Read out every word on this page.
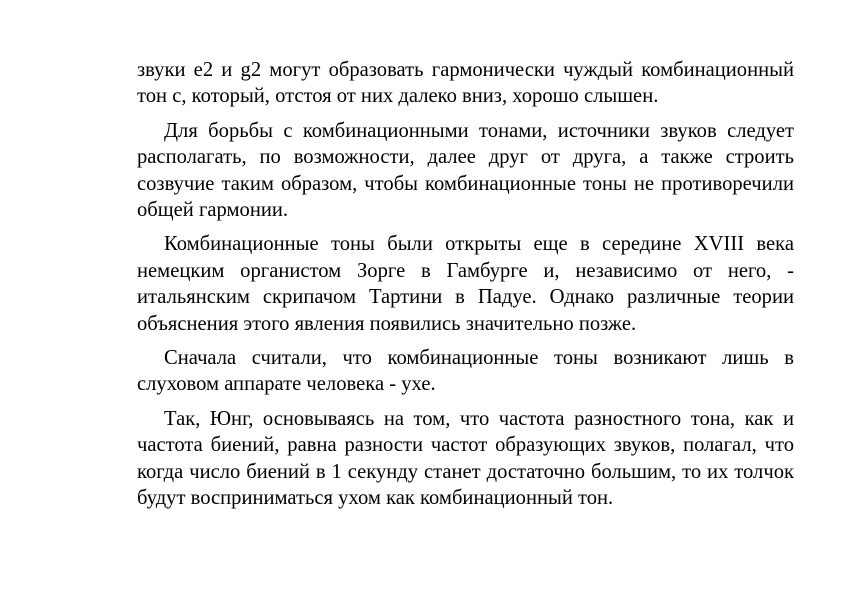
звуки e2 и g2 могут образовать гармонически чуждый комбинационный тон с, который, отстоя от них далеко вниз, хорошо слышен.

Для борьбы с комбинационными тонами, источники звуков следует располагать, по возможности, далее друг от друга, а также строить созвучие таким образом, чтобы комбинационные тоны не противоречили общей гармонии.

Комбинационные тоны были открыты еще в середине XVIII века немецким органистом Зорге в Гамбурге и, независимо от него, - итальянским скрипачом Тартини в Падуе. Однако различные теории объяснения этого явления появились значительно позже.

Сначала считали, что комбинационные тоны возникают лишь в слуховом аппарате человека - ухе.

Так, Юнг, основываясь на том, что частота разностного тона, как и частота биений, равна разности частот образующих звуков, полагал, что когда число биений в 1 секунду станет достаточно большим, то их толчок будут восприниматься ухом как комбинационный тон.
